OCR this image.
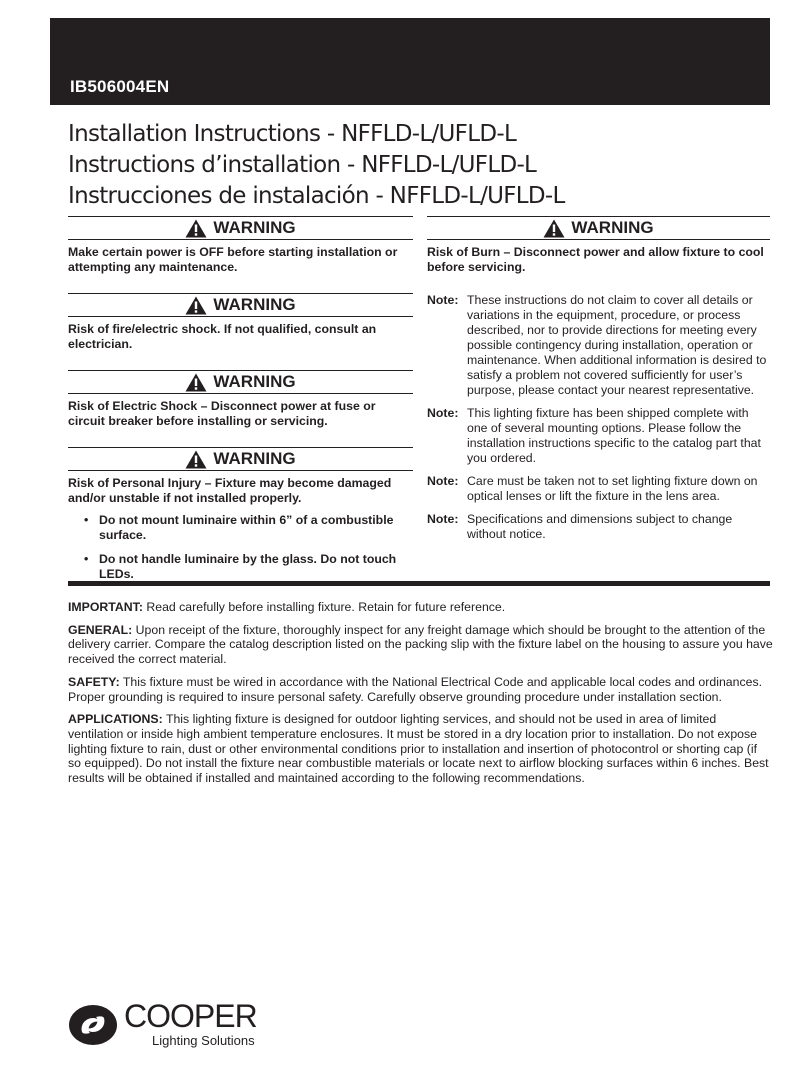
IB506004EN
Installation Instructions - NFFLD-L/UFLD-L
Instructions d’installation - NFFLD-L/UFLD-L
Instrucciones de instalación - NFFLD-L/UFLD-L
WARNING

Make certain power is OFF before starting installation or attempting any maintenance.

WARNING

Risk of fire/electric shock. If not qualified, consult an electrician.

WARNING

Risk of Electric Shock – Disconnect power at fuse or circuit breaker before installing or servicing.

WARNING

Risk of Personal Injury – Fixture may become damaged and/or unstable if not installed properly.

• Do not mount luminaire within 6” of a combustible surface.
• Do not handle luminaire by the glass. Do not touch LEDs.
WARNING

Risk of Burn – Disconnect power and allow fixture to cool before servicing.

Note: These instructions do not claim to cover all details or variations in the equipment, procedure, or process described, nor to provide directions for meeting every possible contingency during installation, operation or maintenance. When additional information is desired to satisfy a problem not covered sufficiently for user’s purpose, please contact your nearest representative.
Note: This lighting fixture has been shipped complete with one of several mounting options. Please follow the installation instructions specific to the catalog part that you ordered.
Note: Care must be taken not to set lighting fixture down on optical lenses or lift the fixture in the lens area.
Note: Specifications and dimensions subject to change without notice.

IMPORTANT: Read carefully before installing fixture. Retain for future reference.

GENERAL: Upon receipt of the fixture, thoroughly inspect for any freight damage which should be brought to the attention of the delivery carrier. Compare the catalog description listed on the packing slip with the fixture label on the housing to assure you have received the correct material.

SAFETY: This fixture must be wired in accordance with the National Electrical Code and applicable local codes and ordinances. Proper grounding is required to insure personal safety. Carefully observe grounding procedure under installation section.

APPLICATIONS: This lighting fixture is designed for outdoor lighting services, and should not be used in area of limited ventilation or inside high ambient temperature enclosures. It must be stored in a dry location prior to installation. Do not expose lighting fixture to rain, dust or other environmental conditions prior to installation and insertion of photocontrol or shorting cap (if so equipped). Do not install the fixture near combustible materials or locate next to airflow blocking surfaces within 6 inches. Best results will be obtained if installed and maintained according to the following recommendations.

COOPER
Lighting Solutions
